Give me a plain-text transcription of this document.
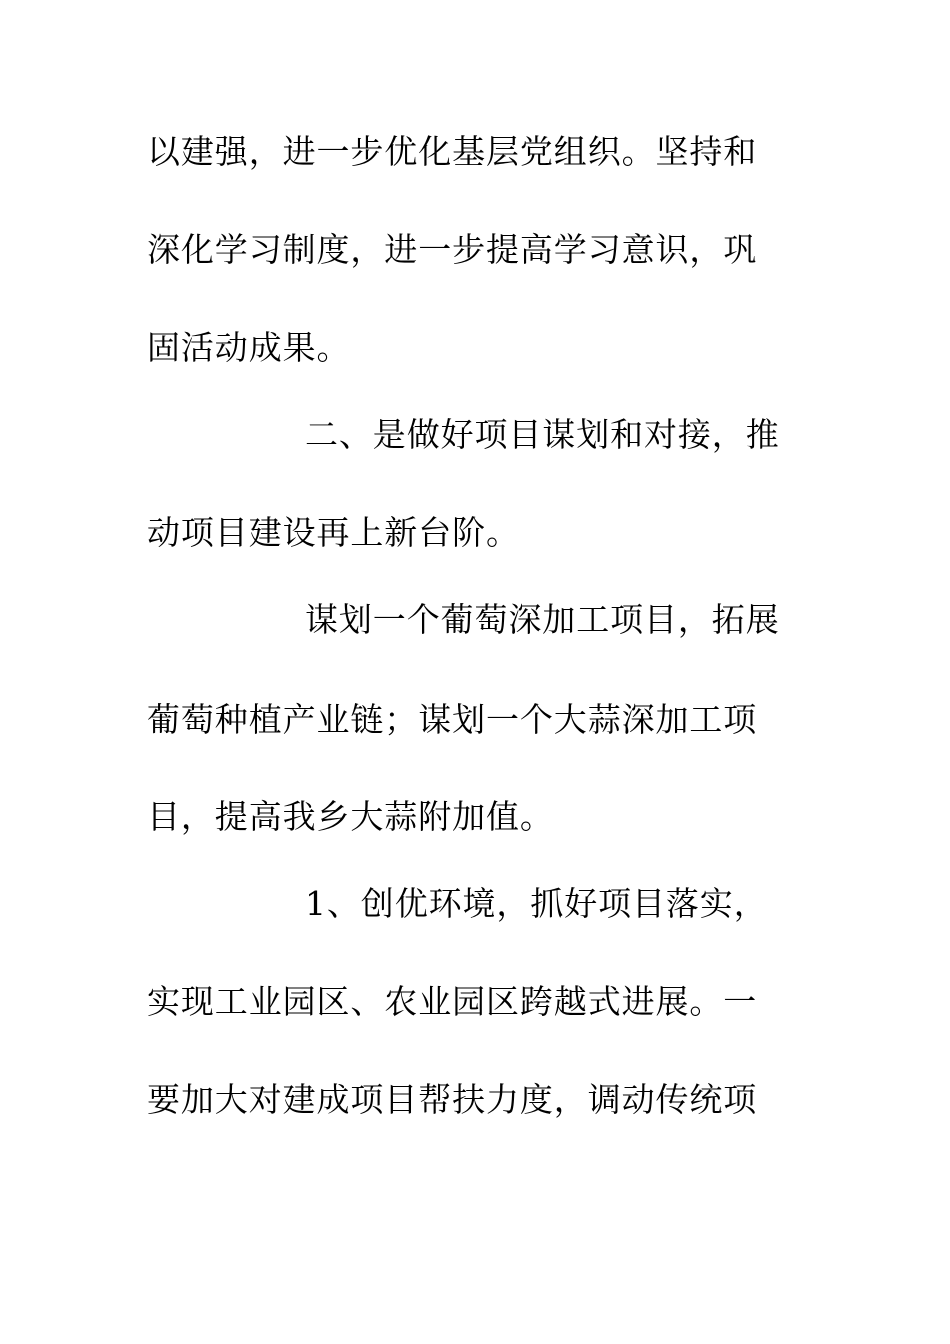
以建强，进一步优化基层党组织。坚持和
深化学习制度，进一步提高学习意识，巩
固活动成果。
二、是做好项目谋划和对接，推
动项目建设再上新台阶。
谋划一个葡萄深加工项目，拓展
葡萄种植产业链；谋划一个大蒜深加工项
目，提高我乡大蒜附加值。
1、创优环境，抓好项目落实，
实现工业园区、农业园区跨越式进展。一
要加大对建成项目帮扶力度，调动传统项
